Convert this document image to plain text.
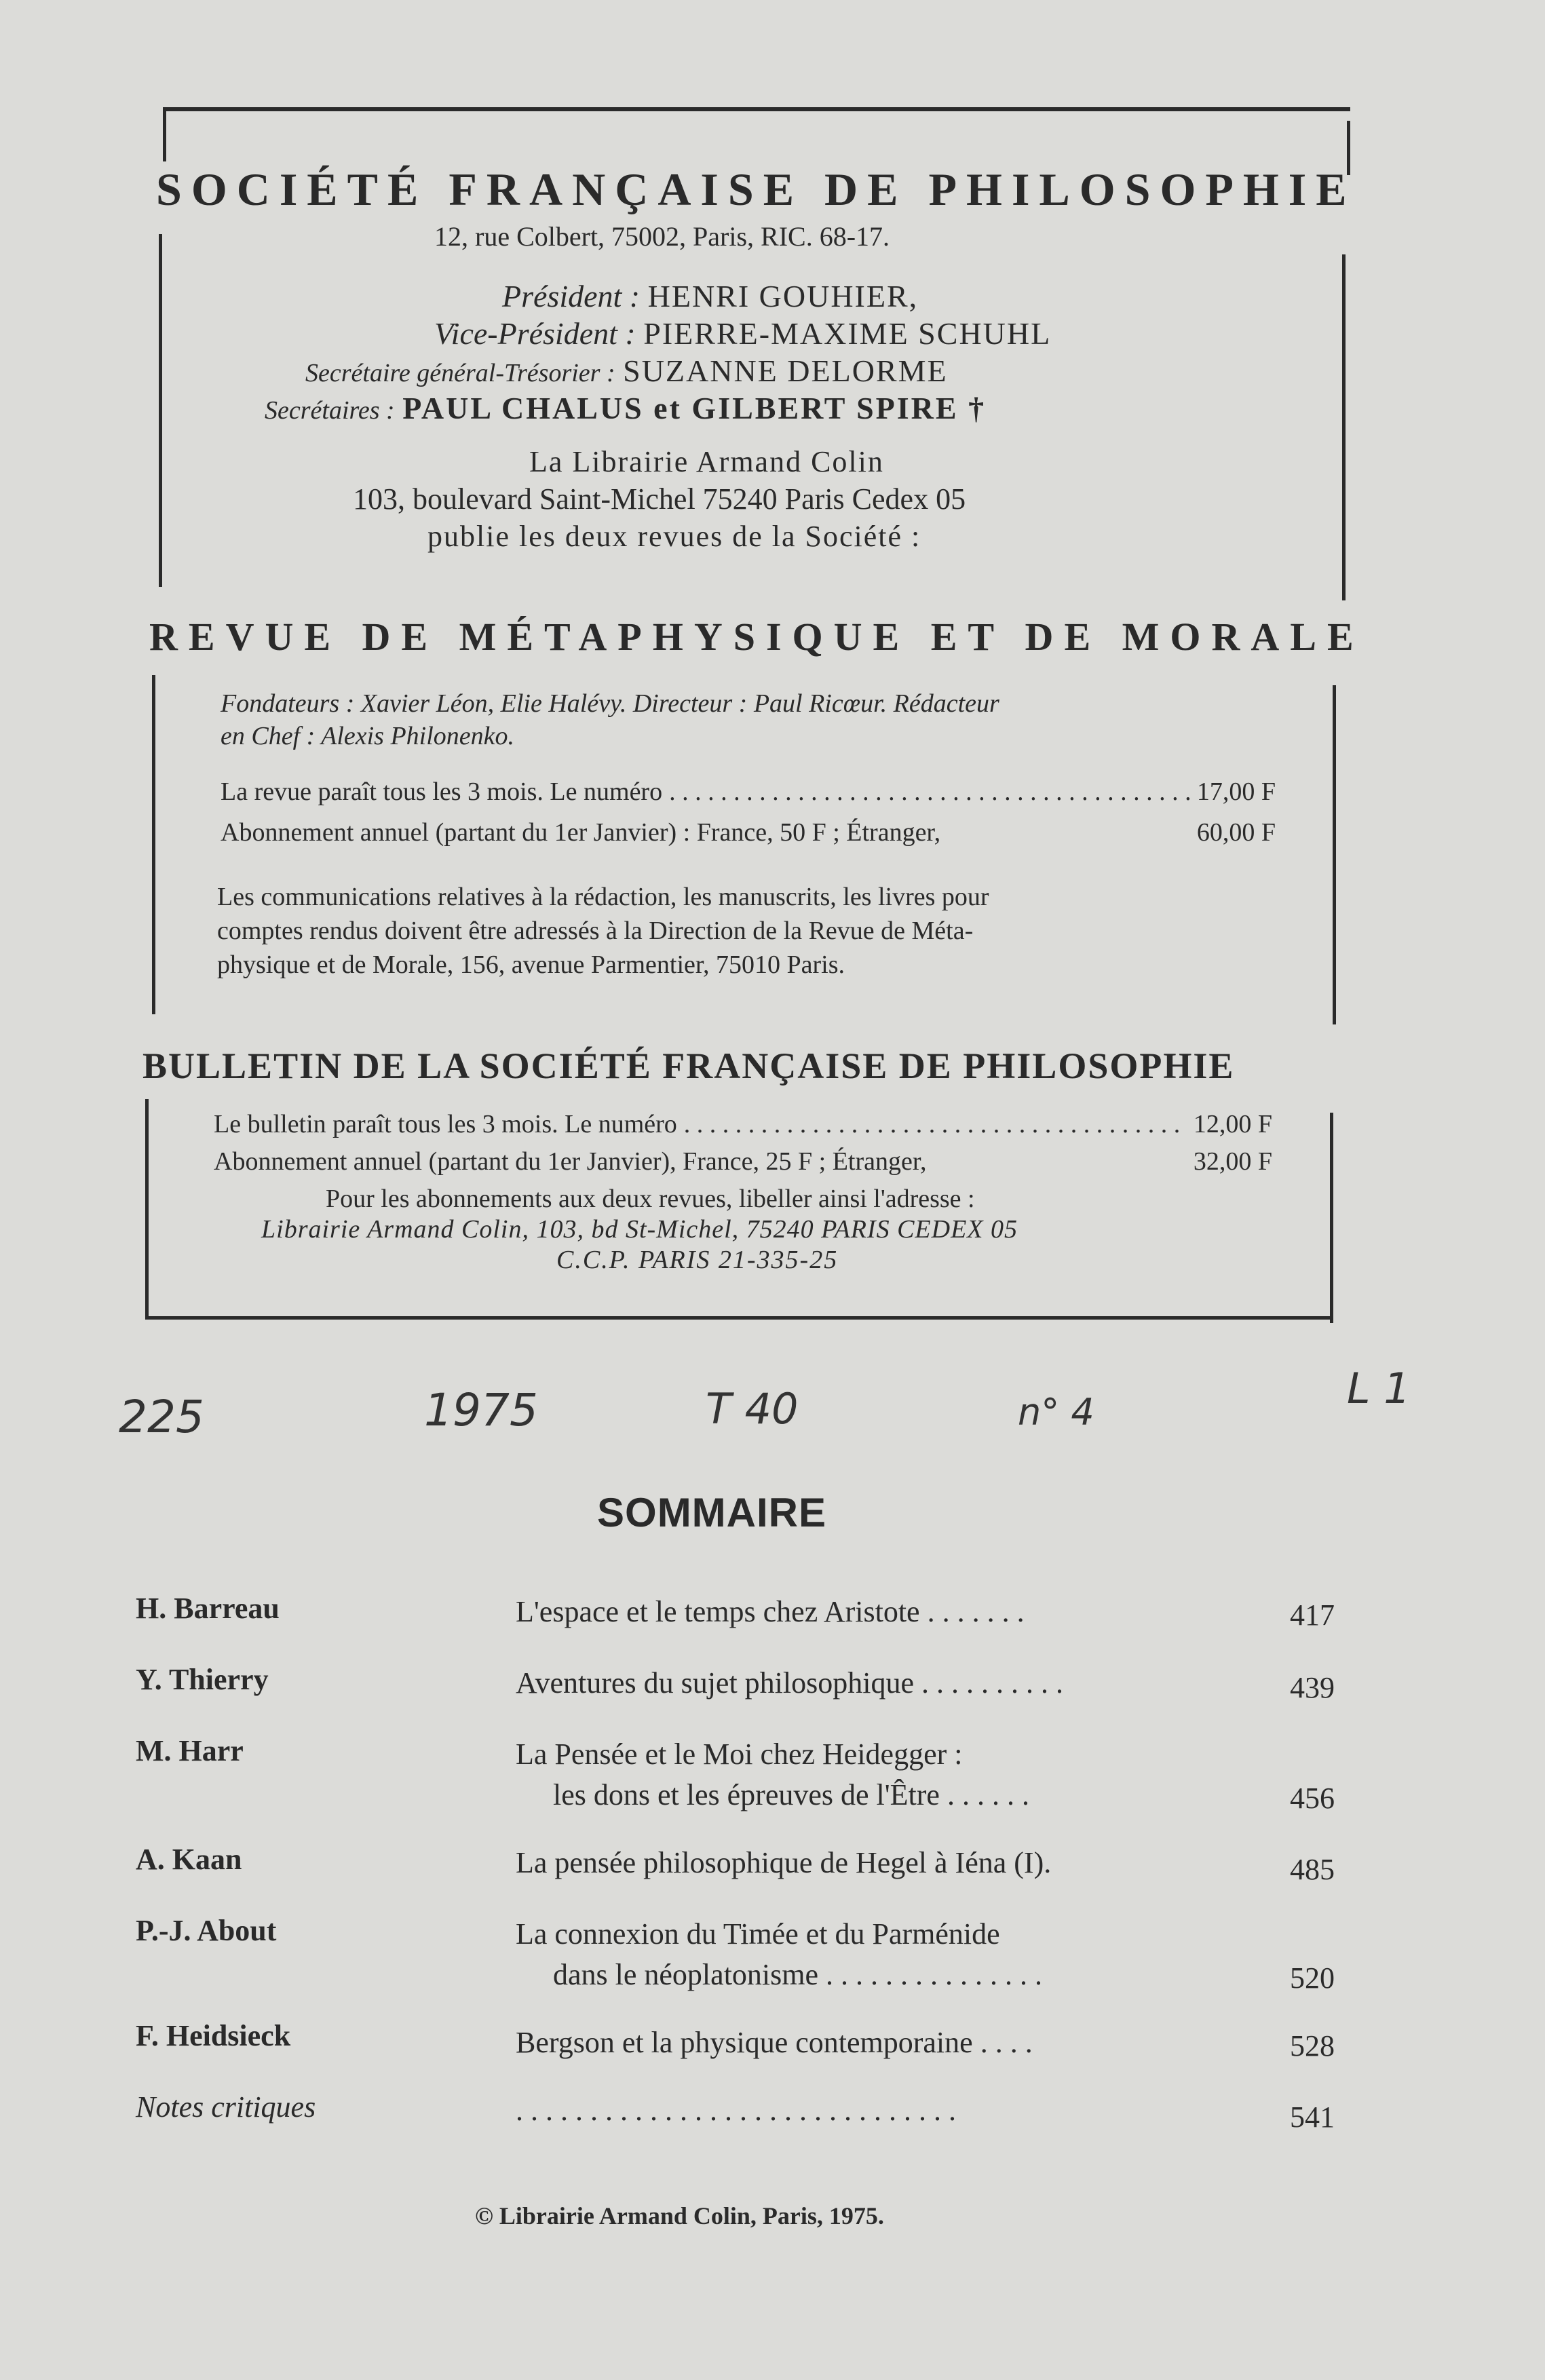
SOCIÉTÉ FRANÇAISE DE PHILOSOPHIE
12, rue Colbert, 75002, Paris, RIC. 68-17.
Président : HENRI GOUHIER,
Vice-Président : PIERRE-MAXIME SCHUHL
Secrétaire général-Trésorier : SUZANNE DELORME
Secrétaires : PAUL CHALUS et GILBERT SPIRE †
La Librairie Armand Colin
103, boulevard Saint-Michel 75240 Paris Cedex 05
publie les deux revues de la Société :
REVUE DE MÉTAPHYSIQUE ET DE MORALE
Fondateurs : Xavier Léon, Elie Halévy. Directeur : Paul Ricœur. Rédacteur
en Chef : Alexis Philonenko.
La revue paraît tous les 3 mois. Le numéro . . .	17,00 F
Abonnement annuel (partant du 1er Janvier) : France, 50 F ; Étranger,	60,00 F
Les communications relatives à la rédaction, les manuscrits, les livres pour
comptes rendus doivent être adressés à la Direction de la Revue de Méta-
physique et de Morale, 156, avenue Parmentier, 75010 Paris.
BULLETIN DE LA SOCIÉTÉ FRANÇAISE DE PHILOSOPHIE
Le bulletin paraît tous les 3 mois. Le numéro . . .	12,00 F
Abonnement annuel (partant du 1er Janvier), France, 25 F ; Étranger,	32,00 F
Pour les abonnements aux deux revues, libeller ainsi l'adresse :
Librairie Armand Colin, 103, bd St-Michel, 75240 PARIS CEDEX 05
C.C.P. PARIS 21-335-25
225	1975	T 40	n° 4	L 1
SOMMAIRE
H. Barreau	L'espace et le temps chez Aristote . . . . . . .	417
Y. Thierry	Aventures du sujet philosophique . . . . . . . . . .	439
M. Harr	La Pensée et le Moi chez Heidegger :
les dons et les épreuves de l'Être . . . . . .	456
A. Kaan	La pensée philosophique de Hegel à Iéna (I).	485
P.-J. About	La connexion du Timée et du Parménide
dans le néoplatonisme . . . . . . . . . . . . . . .	520
F. Heidsieck	Bergson et la physique contemporaine . . . .	528
Notes critiques	. . . . . . . . . . . . . . . . . . . . . . . . . . . . . .	541
© Librairie Armand Colin, Paris, 1975.
